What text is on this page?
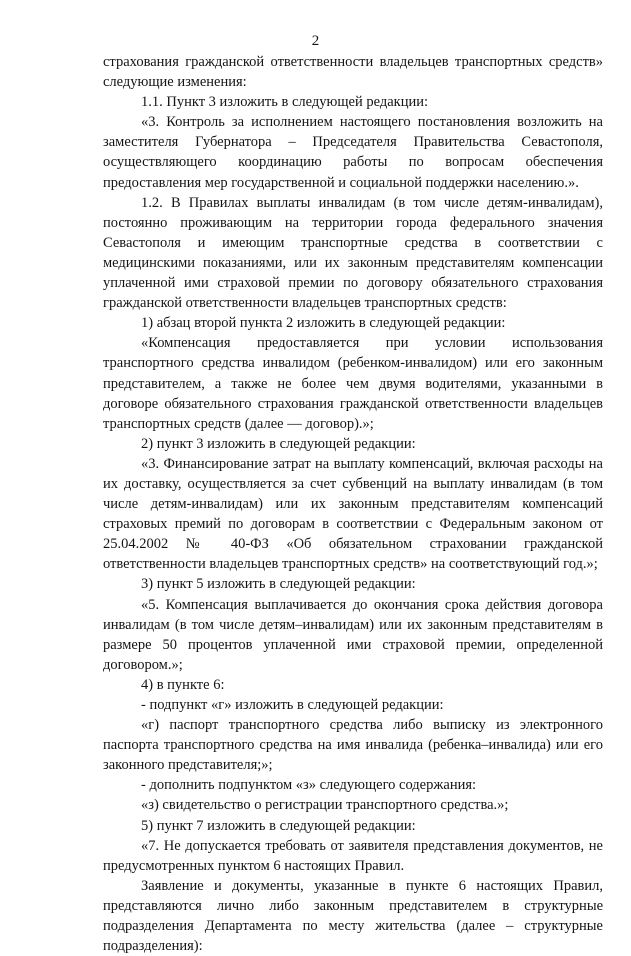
2

страхования гражданской ответственности владельцев транспортных средств» следующие изменения:

1.1. Пункт 3 изложить в следующей редакции:

«3. Контроль за исполнением настоящего постановления возложить на заместителя Губернатора – Председателя Правительства Севастополя, осуществляющего координацию работы по вопросам обеспечения предоставления мер государственной и социальной поддержки населению.».

1.2. В Правилах выплаты инвалидам (в том числе детям-инвалидам), постоянно проживающим на территории города федерального значения Севастополя и имеющим транспортные средства в соответствии с медицинскими показаниями, или их законным представителям компенсации уплаченной ими страховой премии по договору обязательного страхования гражданской ответственности владельцев транспортных средств:

1) абзац второй пункта 2 изложить в следующей редакции:

«Компенсация предоставляется при условии использования транспортного средства инвалидом (ребенком-инвалидом) или его законным представителем, а также не более чем двумя водителями, указанными в договоре обязательного страхования гражданской ответственности владельцев транспортных средств (далее — договор).»;

2) пункт 3 изложить в следующей редакции:

«3. Финансирование затрат на выплату компенсаций, включая расходы на их доставку, осуществляется за счет субвенций на выплату инвалидам (в том числе детям-инвалидам) или их законным представителям компенсаций страховых премий по договорам в соответствии с Федеральным законом от 25.04.2002 № 40-ФЗ «Об обязательном страховании гражданской ответственности владельцев транспортных средств» на соответствующий год.»;

3) пункт 5 изложить в следующей редакции:

«5. Компенсация выплачивается до окончания срока действия договора инвалидам (в том числе детям–инвалидам) или их законным представителям в размере 50 процентов уплаченной ими страховой премии, определенной договором.»;

4) в пункте 6:

- подпункт «г» изложить в следующей редакции:

«г) паспорт транспортного средства либо выписку из электронного паспорта транспортного средства на имя инвалида (ребенка–инвалида) или его законного представителя;»;

- дополнить подпунктом «з» следующего содержания:

«з) свидетельство о регистрации транспортного средства.»;

5) пункт 7 изложить в следующей редакции:

«7. Не допускается требовать от заявителя представления документов, не предусмотренных пунктом 6 настоящих Правил.

Заявление и документы, указанные в пункте 6 настоящих Правил, представляются лично либо законным представителем в структурные подразделения Департамента по месту жительства (далее – структурные подразделения):
